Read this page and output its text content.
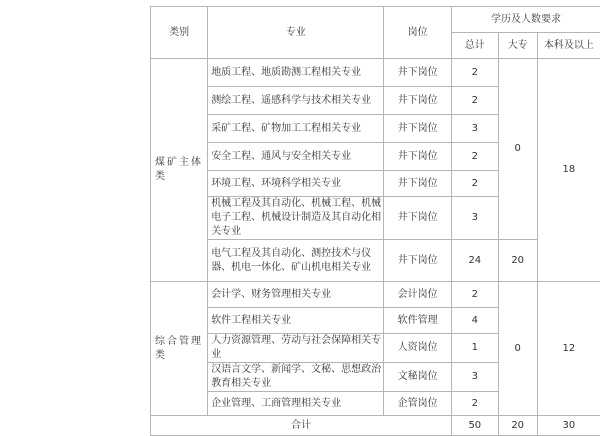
类别	专业	岗位	学历及人数要求		
			总计	大专	本科及以上
煤矿主体类	地质工程、地质勘测工程相关专业	井下岗位	2	0	18
	测绘工程、遥感科学与技术相关专业	井下岗位	2		
	采矿工程、矿物加工工程相关专业	井下岗位	3		
	安全工程、通风与安全相关专业	井下岗位	2		
	环境工程、环境科学相关专业	井下岗位	2		
	机械工程及其自动化、机械工程、机械电子工程、机械设计制造及其自动化相关专业	井下岗位	3		
	电气工程及其自动化、测控技术与仪器、机电一体化、矿山机电相关专业	井下岗位	24	20	
综合管理类	会计学、财务管理相关专业	会计岗位	2	0	12
	软件工程相关专业	软件管理	4		
	人力资源管理、劳动与社会保障相关专业	人资岗位	1		
	汉语言文学、新闻学、文秘、思想政治教育相关专业	文秘岗位	3		
	企业管理、工商管理相关专业	企管岗位	2		
合计			50	20	30
